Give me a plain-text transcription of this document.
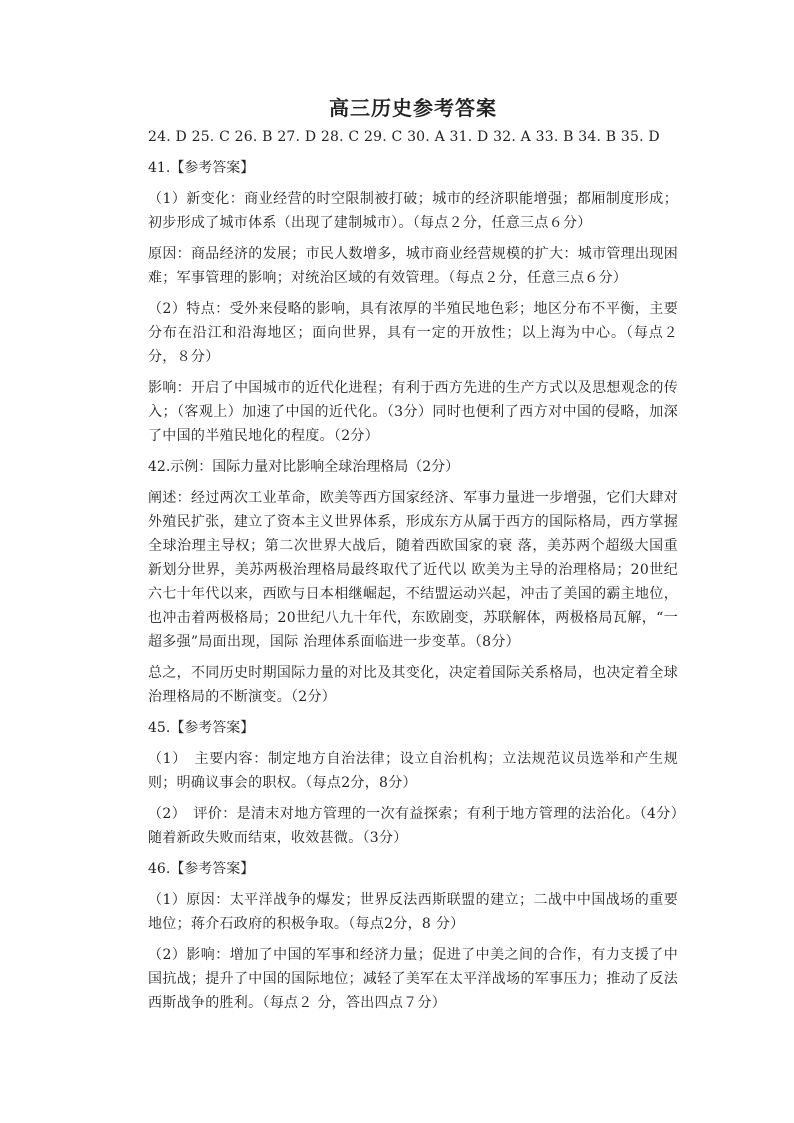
高三历史参考答案
24. D 25. C 26. B 27. D 28. C 29. C 30. A 31. D 32. A 33. B 34. B 35. D
41.【参考答案】
（1）新变化：商业经营的时空限制被打破；城市的经济职能增强；都厢制度形成；初步形成了城市体系（出现了建制城市）。（每点２分，任意三点６分）
原因：商品经济的发展；市民人数增多，城市商业经营规模的扩大：城市管理出现困难；军事管理的影响；对统治区域的有效管理。（每点２分，任意三点６分）
（2）特点：受外来侵略的影响，具有浓厚的半殖民地色彩；地区分布不平衡，主要分布在沿江和沿海地区；面向世界，具有一定的开放性；以上海为中心。（每点２分，８分）
影响：开启了中国城市的近代化进程；有利于西方先进的生产方式以及思想观念的传入；（客观上）加速了中国的近代化。（3分）同时也便利了西方对中国的侵略，加深了中国的半殖民地化的程度。（2分）
42.示例：国际力量对比影响全球治理格局（2分）
阐述：经过两次工业革命，欧美等西方国家经济、军事力量进一步增强，它们大肆对外殖民扩张，建立了资本主义世界体系，形成东方从属于西方的国际格局，西方掌握全球治理主导权；第二次世界大战后，随着西欧国家的衰 落，美苏两个超级大国重新划分世界，美苏两极治理格局最终取代了近代以 欧美为主导的治理格局；20世纪六七十年代以来，西欧与日本相继崛起，不结盟运动兴起，冲击了美国的霸主地位，也冲击着两极格局；20世纪八九十年代，东欧剧变，苏联解体，两极格局瓦解，“一超多强”局面出现，国际 治理体系面临进一步变革。（8分）
总之，不同历史时期国际力量的对比及其变化，决定着国际关系格局，也决定着全球治理格局的不断演变。（2分）
45.【参考答案】
（1）　主要内容：制定地方自治法律；设立自治机构；立法规范议员选举和产生规则；明确议事会的职权。（每点2分，8分）
（2）　评价：是清末对地方管理的一次有益探索；有利于地方管理的法治化。（4分）随着新政失败而结束，收效甚微。（3分）
46.【参考答案】
（1）原因：太平洋战争的爆发；世界反法西斯联盟的建立；二战中中国战场的重要地位；蒋介石政府的积极争取。（每点2分，8 分）
（2）影响：增加了中国的军事和经济力量；促进了中美之间的合作，有力支援了中国抗战；提升了中国的国际地位；减轻了美军在太平洋战场的军事压力；推动了反法西斯战争的胜利。（每点２ 分，答出四点７分）
